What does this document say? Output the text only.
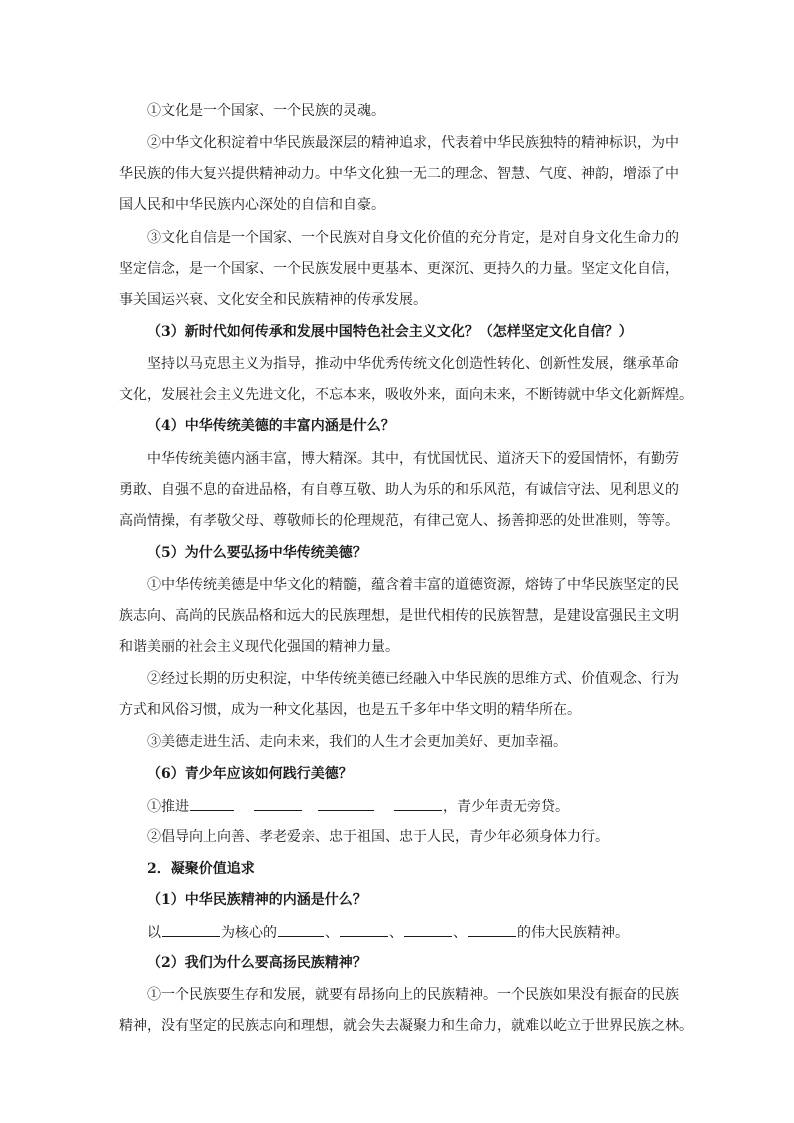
①文化是一个国家、一个民族的灵魂。
②中华文化积淀着中华民族最深层的精神追求，代表着中华民族独特的精神标识，为中
华民族的伟大复兴提供精神动力。中华文化独一无二的理念、智慧、气度、神韵，增添了中
国人民和中华民族内心深处的自信和自豪。
③文化自信是一个国家、一个民族对自身文化价值的充分肯定，是对自身文化生命力的
坚定信念，是一个国家、一个民族发展中更基本、更深沉、更持久的力量。坚定文化自信，
事关国运兴衰、文化安全和民族精神的传承发展。
（3）新时代如何传承和发展中国特色社会主义文化？（怎样坚定文化自信？）
坚持以马克思主义为指导，推动中华优秀传统文化创造性转化、创新性发展，继承革命
文化，发展社会主义先进文化，不忘本来，吸收外来，面向未来，不断铸就中华文化新辉煌。
（4）中华传统美德的丰富内涵是什么？
中华传统美德内涵丰富，博大精深。其中，有忧国忧民、道济天下的爱国情怀，有勤劳
勇敢、自强不息的奋进品格，有自尊互敬、助人为乐的和乐风范，有诚信守法、见利思义的
高尚情操，有孝敬父母、尊敬师长的伦理规范，有律己宽人、扬善抑恶的处世准则，等等。
（5）为什么要弘扬中华传统美德？
①中华传统美德是中华文化的精髓，蕴含着丰富的道德资源，熔铸了中华民族坚定的民
族志向、高尚的民族品格和远大的民族理想，是世代相传的民族智慧，是建设富强民主文明
和谐美丽的社会主义现代化强国的精神力量。
②经过长期的历史积淀，中华传统美德已经融入中华民族的思维方式、价值观念、行为
方式和风俗习惯，成为一种文化基因，也是五千多年中华文明的精华所在。
③美德走进生活、走向未来，我们的人生才会更加美好、更加幸福。
（6）青少年应该如何践行美德？
①推进	，青少年责无旁贷。
②倡导向上向善、孝老爱亲、忠于祖国、忠于人民，青少年必须身体力行。
2．凝聚价值追求
（1）中华民族精神的内涵是什么？
以	为核心的	、	、	、	的伟大民族精神。
（2）我们为什么要高扬民族精神？
①一个民族要生存和发展，就要有昂扬向上的民族精神。一个民族如果没有振奋的民族
精神，没有坚定的民族志向和理想，就会失去凝聚力和生命力，就难以屹立于世界民族之林。
